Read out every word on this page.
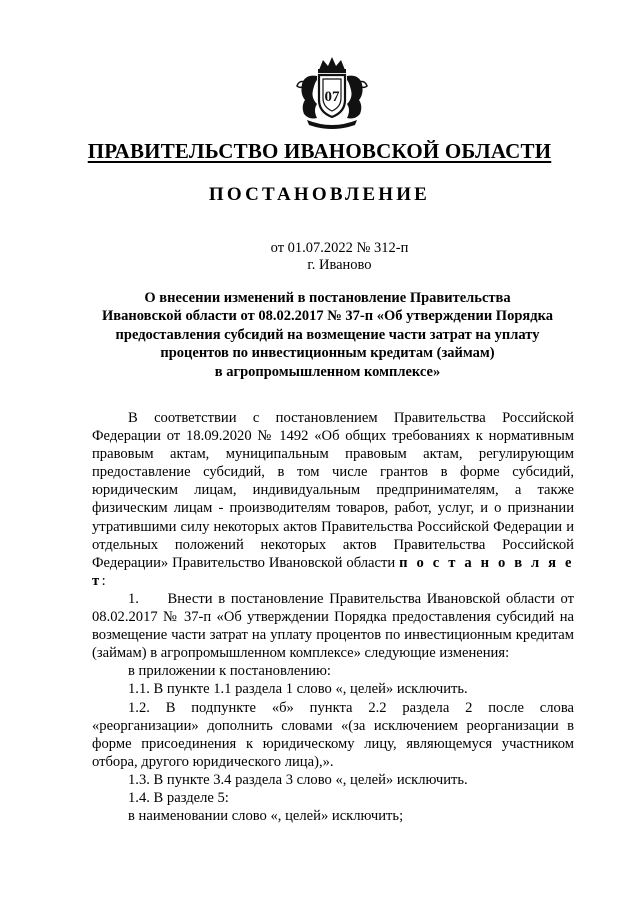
07
ПРАВИТЕЛЬСТВО ИВАНОВСКОЙ ОБЛАСТИ
ПОСТАНОВЛЕНИЕ
от 01.07.2022 № 312-п
г. Иваново
О внесении изменений в постановление Правительства
Ивановской области от 08.02.2017 № 37-п «Об утверждении Порядка
предоставления субсидий на возмещение части затрат на уплату
процентов по инвестиционным кредитам (займам)
в агропромышленном комплексе»

В соответствии с постановлением Правительства Российской Федерации от 18.09.2020 № 1492 «Об общих требованиях к нормативным правовым актам, муниципальным правовым актам, регулирующим предоставление субсидий, в том числе грантов в форме субсидий, юридическим лицам, индивидуальным предпринимателям, а также физическим лицам - производителям товаров, работ, услуг, и о признании утратившими силу некоторых актов Правительства Российской Федерации и отдельных положений некоторых актов Правительства Российской Федерации» Правительство Ивановской области п о с т а н о в л я е т:

1.     Внести в постановление Правительства Ивановской области от 08.02.2017 № 37-п «Об утверждении Порядка предоставления субсидий на возмещение части затрат на уплату процентов по инвестиционным кредитам (займам) в агропромышленном комплексе» следующие изменения:

в приложении к постановлению:

1.1. В пункте 1.1 раздела 1 слово «, целей» исключить.

1.2. В подпункте «б» пункта 2.2 раздела 2 после слова «реорганизации» дополнить словами «(за исключением реорганизации в форме присоединения к юридическому лицу, являющемуся участником отбора, другого юридического лица),».

1.3. В пункте 3.4 раздела 3 слово «, целей» исключить.

1.4. В разделе 5:

в наименовании слово «, целей» исключить;
